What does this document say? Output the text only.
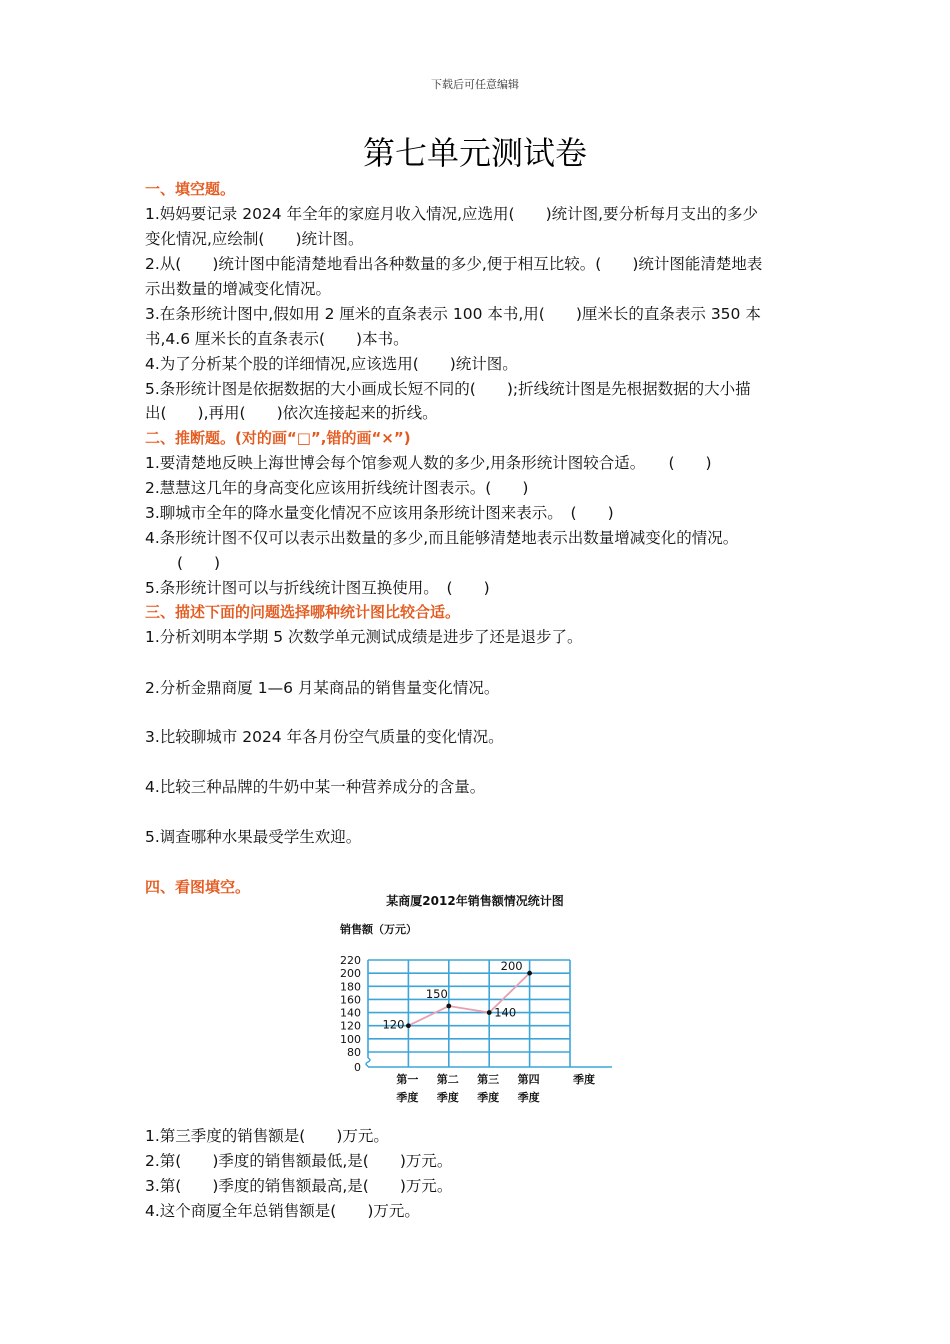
下载后可任意编辑
第七单元测试卷
一、填空题。
1.妈妈要记录 2024 年全年的家庭月收入情况,应选用(　　)统计图,要分析每月支出的多少
变化情况,应绘制(　　)统计图。
2.从(　　)统计图中能清楚地看出各种数量的多少,便于相互比较。(　　)统计图能清楚地表
示出数量的增减变化情况。
3.在条形统计图中,假如用 2 厘米的直条表示 100 本书,用(　　)厘米长的直条表示 350 本
书,4.6 厘米长的直条表示(　　)本书。
4.为了分析某个股的详细情况,应该选用(　　)统计图。
5.条形统计图是依据数据的大小画成长短不同的(　　);折线统计图是先根据数据的大小描
出(　　),再用(　　)依次连接起来的折线。
二、推断题。(对的画“□”,错的画“×”)
1.要清楚地反映上海世博会每个馆参观人数的多少,用条形统计图较合适。　　(　　)
2.慧慧这几年的身高变化应该用折线统计图表示。(　　)
3.聊城市全年的降水量变化情况不应该用条形统计图来表示。　(　　)
4.条形统计图不仅可以表示出数量的多少,而且能够清楚地表示出数量增减变化的情况。
(　　)
5.条形统计图可以与折线统计图互换使用。　(　　)
三、描述下面的问题选择哪种统计图比较合适。
1.分析刘明本学期 5 次数学单元测试成绩是进步了还是退步了。
2.分析金鼎商厦 1—6 月某商品的销售量变化情况。
3.比较聊城市 2024 年各月份空气质量的变化情况。
4.比较三种品牌的牛奶中某一种营养成分的含量。
5.调查哪种水果最受学生欢迎。
四、看图填空。
某商厦2012年销售额情况统计图
销售额（万元）
季度
0
80
100
120
140
160
180
200
220
第一
季度
第二
季度
第三
季度
第四
季度
120
150
140
200
1.第三季度的销售额是(　　)万元。
2.第(　　)季度的销售额最低,是(　　)万元。
3.第(　　)季度的销售额最高,是(　　)万元。
4.这个商厦全年总销售额是(　　)万元。
